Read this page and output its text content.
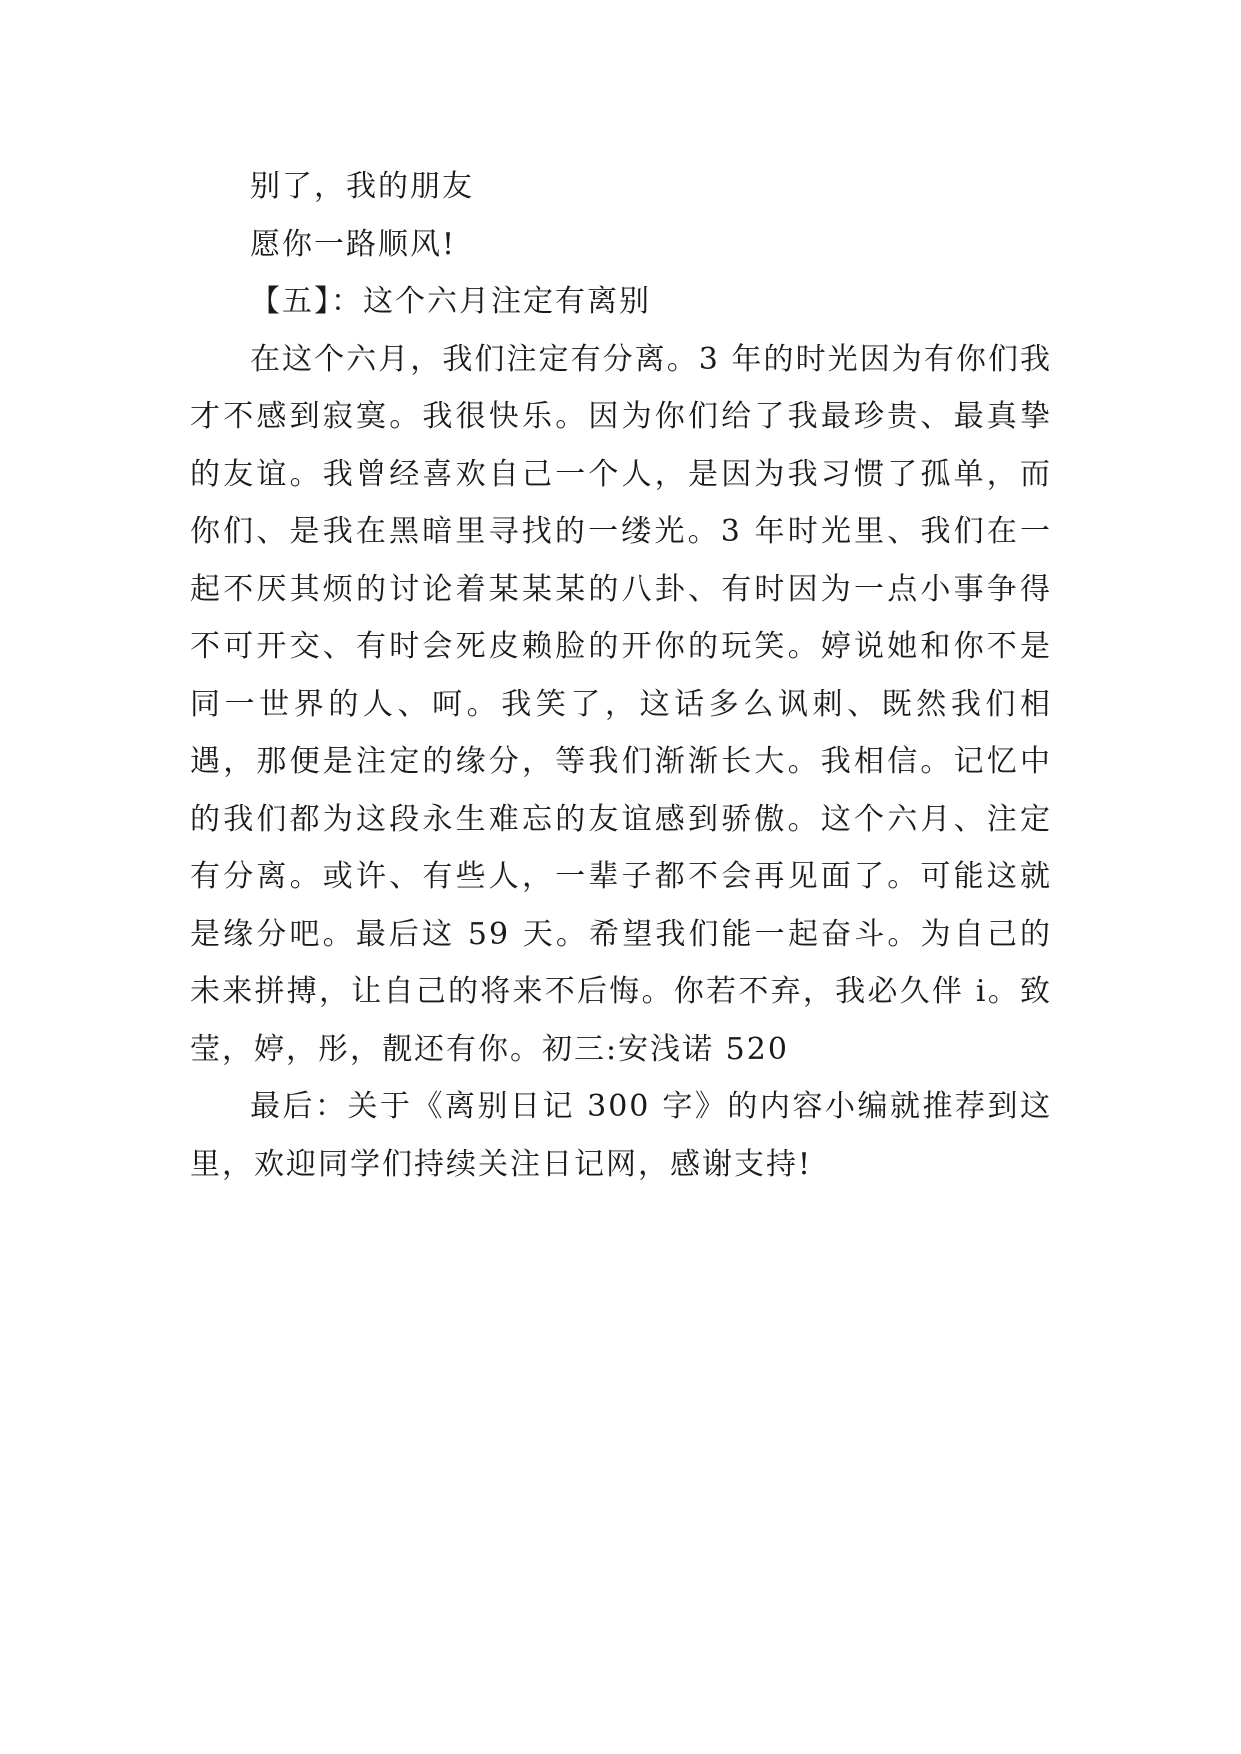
别了，我的朋友

愿你一路顺风!

【五】：这个六月注定有离别

在这个六月，我们注定有分离。3 年的时光因为有你们我才不感到寂寞。我很快乐。因为你们给了我最珍贵、最真挚的友谊。我曾经喜欢自己一个人，是因为我习惯了孤单，而你们、是我在黑暗里寻找的一缕光。3 年时光里、我们在一起不厌其烦的讨论着某某某的八卦、有时因为一点小事争得不可开交、有时会死皮赖脸的开你的玩笑。婷说她和你不是同一世界的人、呵。我笑了，这话多么讽刺、既然我们相遇，那便是注定的缘分，等我们渐渐长大。我相信。记忆中的我们都为这段永生难忘的友谊感到骄傲。这个六月、注定有分离。或许、有些人，一辈子都不会再见面了。可能这就是缘分吧。最后这 59 天。希望我们能一起奋斗。为自己的未来拼搏，让自己的将来不后悔。你若不弃，我必久伴 i。致莹，婷，彤，靓还有你。初三:安浅诺 520

最后：关于《离别日记 300 字》的内容小编就推荐到这里，欢迎同学们持续关注日记网，感谢支持!
